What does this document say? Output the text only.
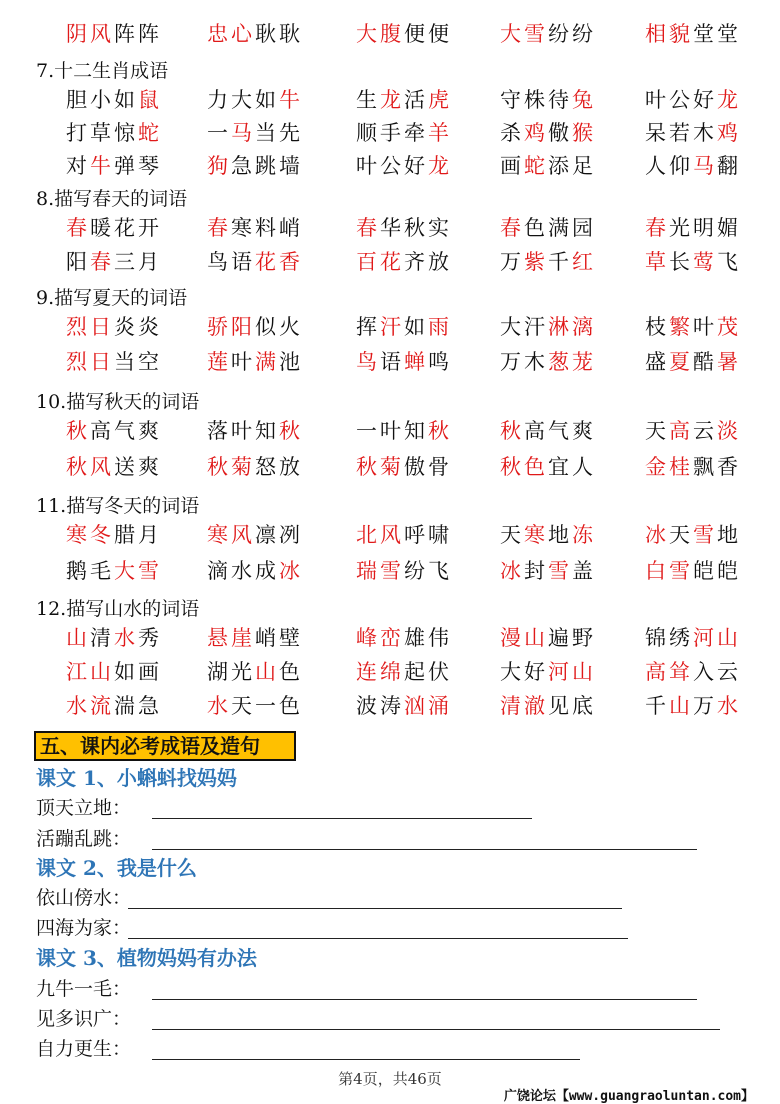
阴风阵阵 忠心耿耿	大腹便便 大雪纷纷 相貌堂堂
7.十二生肖成语
胆小如鼠 力大如牛	生龙活虎 守株待兔 叶公好龙
打草惊蛇 一马当先	顺手牵羊 杀鸡儆猴 呆若木鸡
对牛弹琴 狗急跳墙	叶公好龙 画蛇添足 人仰马翻
8.描写春天的词语
春暖花开 春寒料峭	春华秋实 春色满园 春光明媚
阳春三月 鸟语花香	百花齐放 万紫千红 草长莺飞
9.描写夏天的词语
烈日炎炎 骄阳似火	挥汗如雨 大汗淋漓 枝繁叶茂
烈日当空 莲叶满池	鸟语蝉鸣 万木葱茏 盛夏酷暑
10.描写秋天的词语
秋高气爽 落叶知秋	一叶知秋 秋高气爽 天高云淡
秋风送爽 秋菊怒放	秋菊傲骨 秋色宜人 金桂飘香
11.描写冬天的词语
寒冬腊月 寒风凛冽	北风呼啸 天寒地冻 冰天雪地
鹅毛大雪 滴水成冰	瑞雪纷飞 冰封雪盖 白雪皑皑
12.描写山水的词语
山清水秀 悬崖峭壁	峰峦雄伟 漫山遍野 锦绣河山
江山如画 湖光山色	连绵起伏 大好河山 高耸入云
水流湍急 水天一色	波涛汹涌 清澈见底 千山万水
五、课内必考成语及造句
课文 1、小蝌蚪找妈妈
顶天立地：
活蹦乱跳：
课文 2、我是什么
依山傍水：
四海为家：
课文 3、植物妈妈有办法
九牛一毛：
见多识广：
自力更生：
第4页，共46页
广饶论坛【www.guangraoluntan.com】
